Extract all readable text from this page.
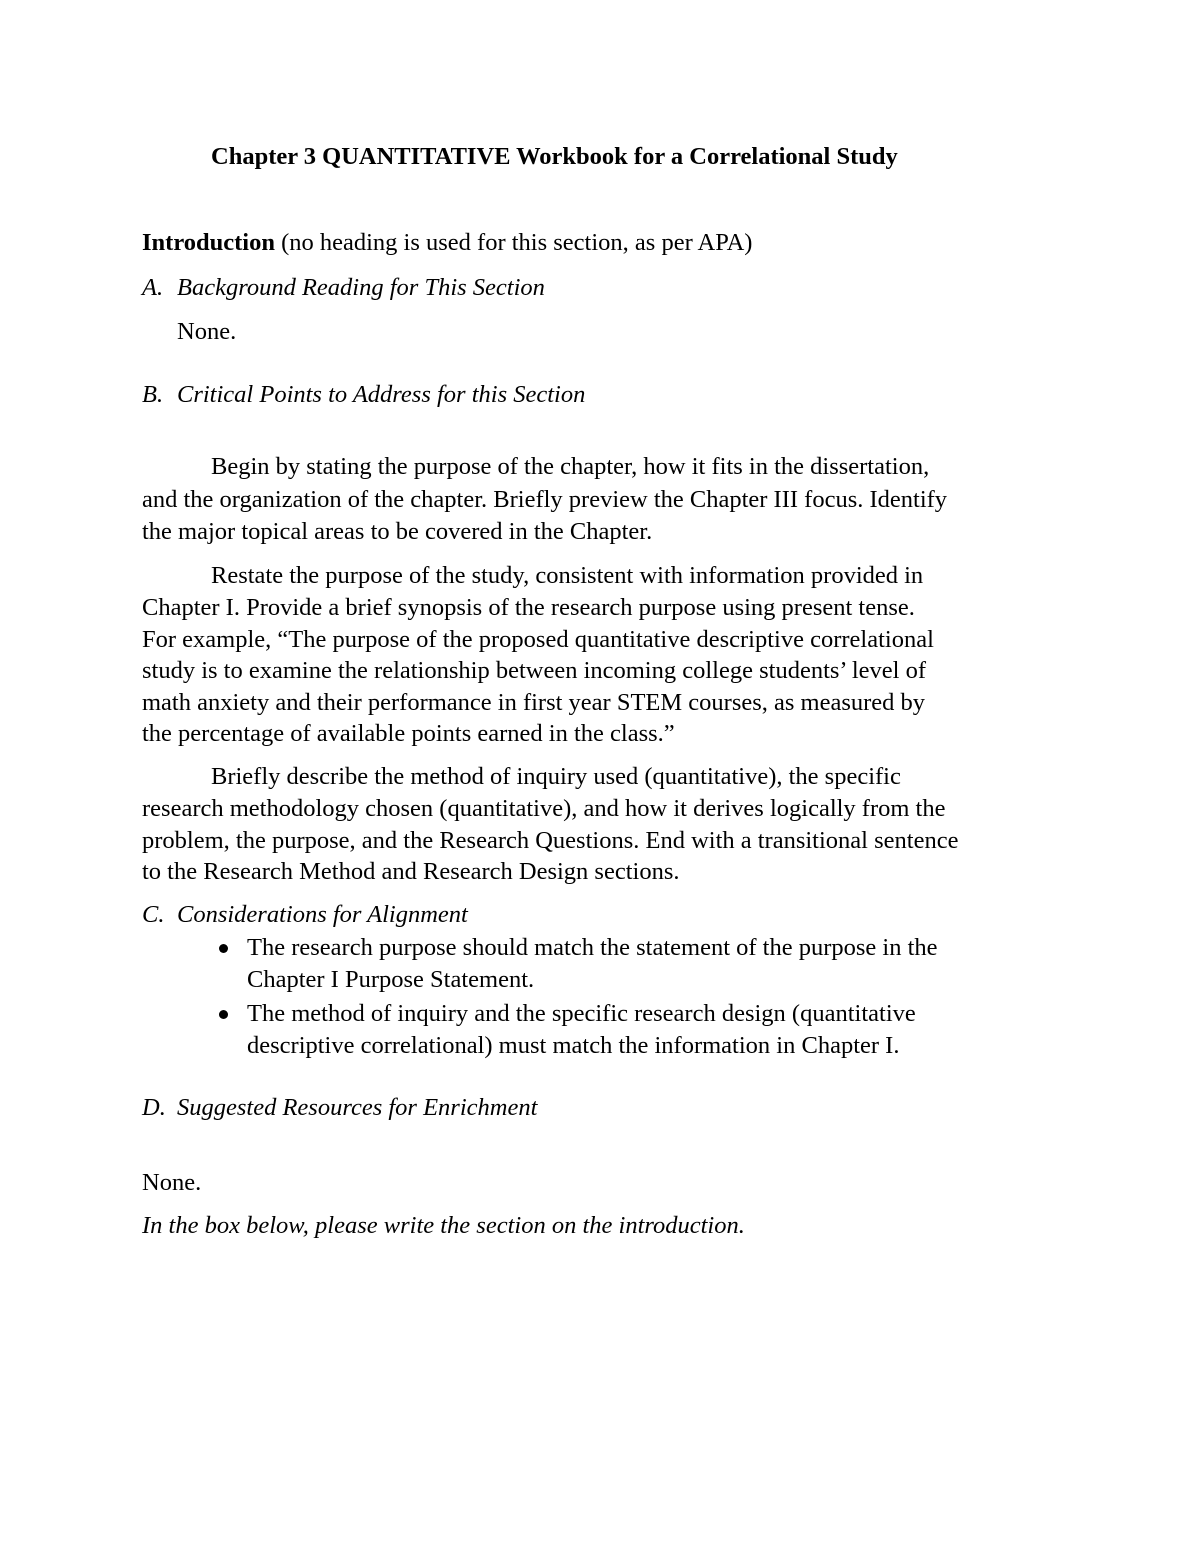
Chapter 3 QUANTITATIVE Workbook for a Correlational Study
Introduction (no heading is used for this section, as per APA)
A. Background Reading for This Section
None.
B. Critical Points to Address for this Section
Begin by stating the purpose of the chapter, how it fits in the dissertation,
and the organization of the chapter. Briefly preview the Chapter III focus. Identify
the major topical areas to be covered in the Chapter.
Restate the purpose of the study, consistent with information provided in
Chapter I. Provide a brief synopsis of the research purpose using present tense.
For example, “The purpose of the proposed quantitative descriptive correlational
study is to examine the relationship between incoming college students’ level of
math anxiety and their performance in first year STEM courses, as measured by
the percentage of available points earned in the class.”
Briefly describe the method of inquiry used (quantitative), the specific
research methodology chosen (quantitative), and how it derives logically from the
problem, the purpose, and the Research Questions. End with a transitional sentence
to the Research Method and Research Design sections.
C. Considerations for Alignment
The research purpose should match the statement of the purpose in the
Chapter I Purpose Statement.
The method of inquiry and the specific research design (quantitative
descriptive correlational) must match the information in Chapter I.
D. Suggested Resources for Enrichment
None.
In the box below, please write the section on the introduction.
